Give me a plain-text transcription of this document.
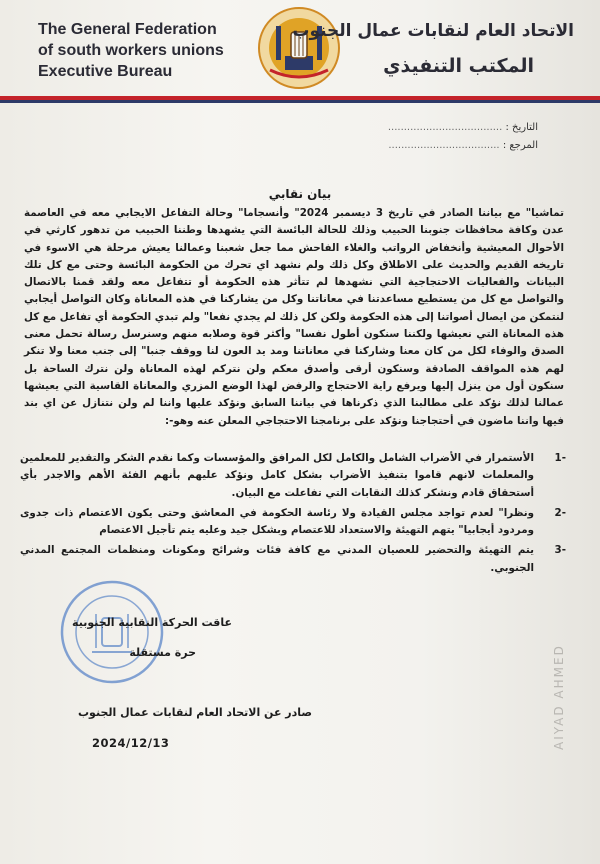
The General Federation
of south workers unions
Executive Bureau
الاتحاد العام لنقابات عمال الجنوب
المكتب التنفيذي
التاريخ : ....................................
المرجع : ...................................
بيان نقابي
تماشيا" مع بياننا الصادر في تاريخ 3 ديسمبر 2024" وأنسجاما" وحالة التفاعل الايجابي معه في العاصمة عدن وكافة محافظات جنوبنا الحبيب وذلك للحالة البائسة التي يشهدها وطننا الحبيب من تدهور كارثي في الأحوال المعيشية وأنخفاض الرواتب والغلاء الفاحش مما جعل شعبنا وعمالنا يعيش مرحلة هي الاسوء في تاريخه القديم والحديث على الاطلاق وكل ذلك ولم نشهد اي تحرك من الحكومة البائسة وحتى مع كل تلك البيانات والفعاليات الاحتجاجية التي نشهدها لم تتأثر هذه الحكومة أو تتفاعل معه ولقد قمنا بالاتصال والتواصل مع كل من يستطيع مساعدتنا في معاناتنا وكل من يشاركنا في هذه المعاناة وكان التواصل أيجابي لنتمكن من ايصال أصواتنا إلى هذه الحكومة ولكن كل ذلك لم يجدي نفعا" ولم تبدي الحكومة أي تفاعل مع كل هذه المعاناة التي نعيشها ولكننا سنكون أطول نفسا" وأكثر قوة وصلابه منهم وسنرسل رسالة تحمل معنى الصدق والوفاء لكل من كان معنا وشاركنا في معاناتنا ومد يد العون لنا ووقف جنبا" إلى جنب معنا ولا تنكر لهم هذه المواقف الصادقة وسنكون أرقى وأصدق معكم ولن نتركم لهذه المعاناة ولن نترك الساحة بل سنكون أول من ينزل إليها ويرفع راية الاحتجاج والرفض لهذا الوضع المزري والمعاناة القاسية التي يعيشها عمالنا لذلك نؤكد على مطالبنا الذي ذكرناها في بياننا السابق ونؤكد عليها واننا لم ولن نتنازل عن اي بند فيها واننا ماضون في أحتجاجنا ونؤكد على برنامجنا الاحتجاجي المعلن عنه وهو-:
-1
الأستمرار في الأضراب الشامل والكامل لكل المرافق والمؤسسات وكما نقدم الشكر والتقدير للمعلمين والمعلمات لانهم قاموا بتنفيذ الأضراب بشكل كامل ونؤكد عليهم بأنهم الفئة الأهم والاجدر بأي أستحقاق قادم ونشكر كذلك النقابات التي تفاعلت مع البيان.
-2
ونظرا" لعدم تواجد مجلس القيادة ولا رئاسة الحكومة في المعاشق وحتى يكون الاعتصام ذات جدوى ومردود أيجابيا" يتهم التهيئة والاستعداد للاعتصام وبشكل جيد وعليه يتم تأجيل الاعتصام
-3
يتم التهيئة والتحضير للعصيان المدني مع كافة فئات وشرائح ومكونات ومنظمات المجتمع المدني الجنوبي.
عاقت الحركة النقابية الجنوبية
حرة مستقلة
صادر عن الاتحاد العام لنقابات عمال الجنوب
2024/12/13	AIYAD AHMED
